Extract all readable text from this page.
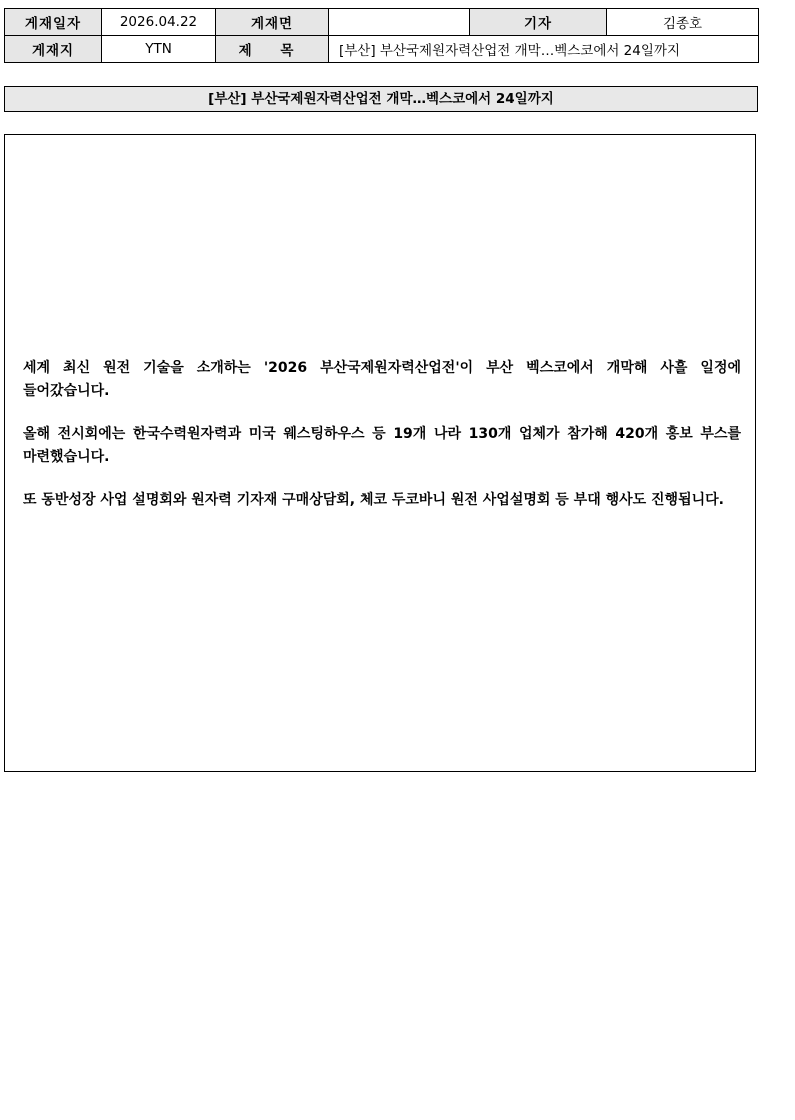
게재일자	2026.04.22	게재면		기자	김종호
게재지	YTN	제 목	[부산] 부산국제원자력산업전 개막…벡스코에서 24일까지		
[부산] 부산국제원자력산업전 개막…벡스코에서 24일까지

세계 최신 원전 기술을 소개하는 '2026 부산국제원자력산업전'이 부산 벡스코에서 개막해 사흘 일정에 들어갔습니다.

올해 전시회에는 한국수력원자력과 미국 웨스팅하우스 등 19개 나라 130개 업체가 참가해 420개 홍보 부스를 마련했습니다.

또 동반성장 사업 설명회와 원자력 기자재 구매상담회, 체코 두코바니 원전 사업설명회 등 부대 행사도 진행됩니다.
